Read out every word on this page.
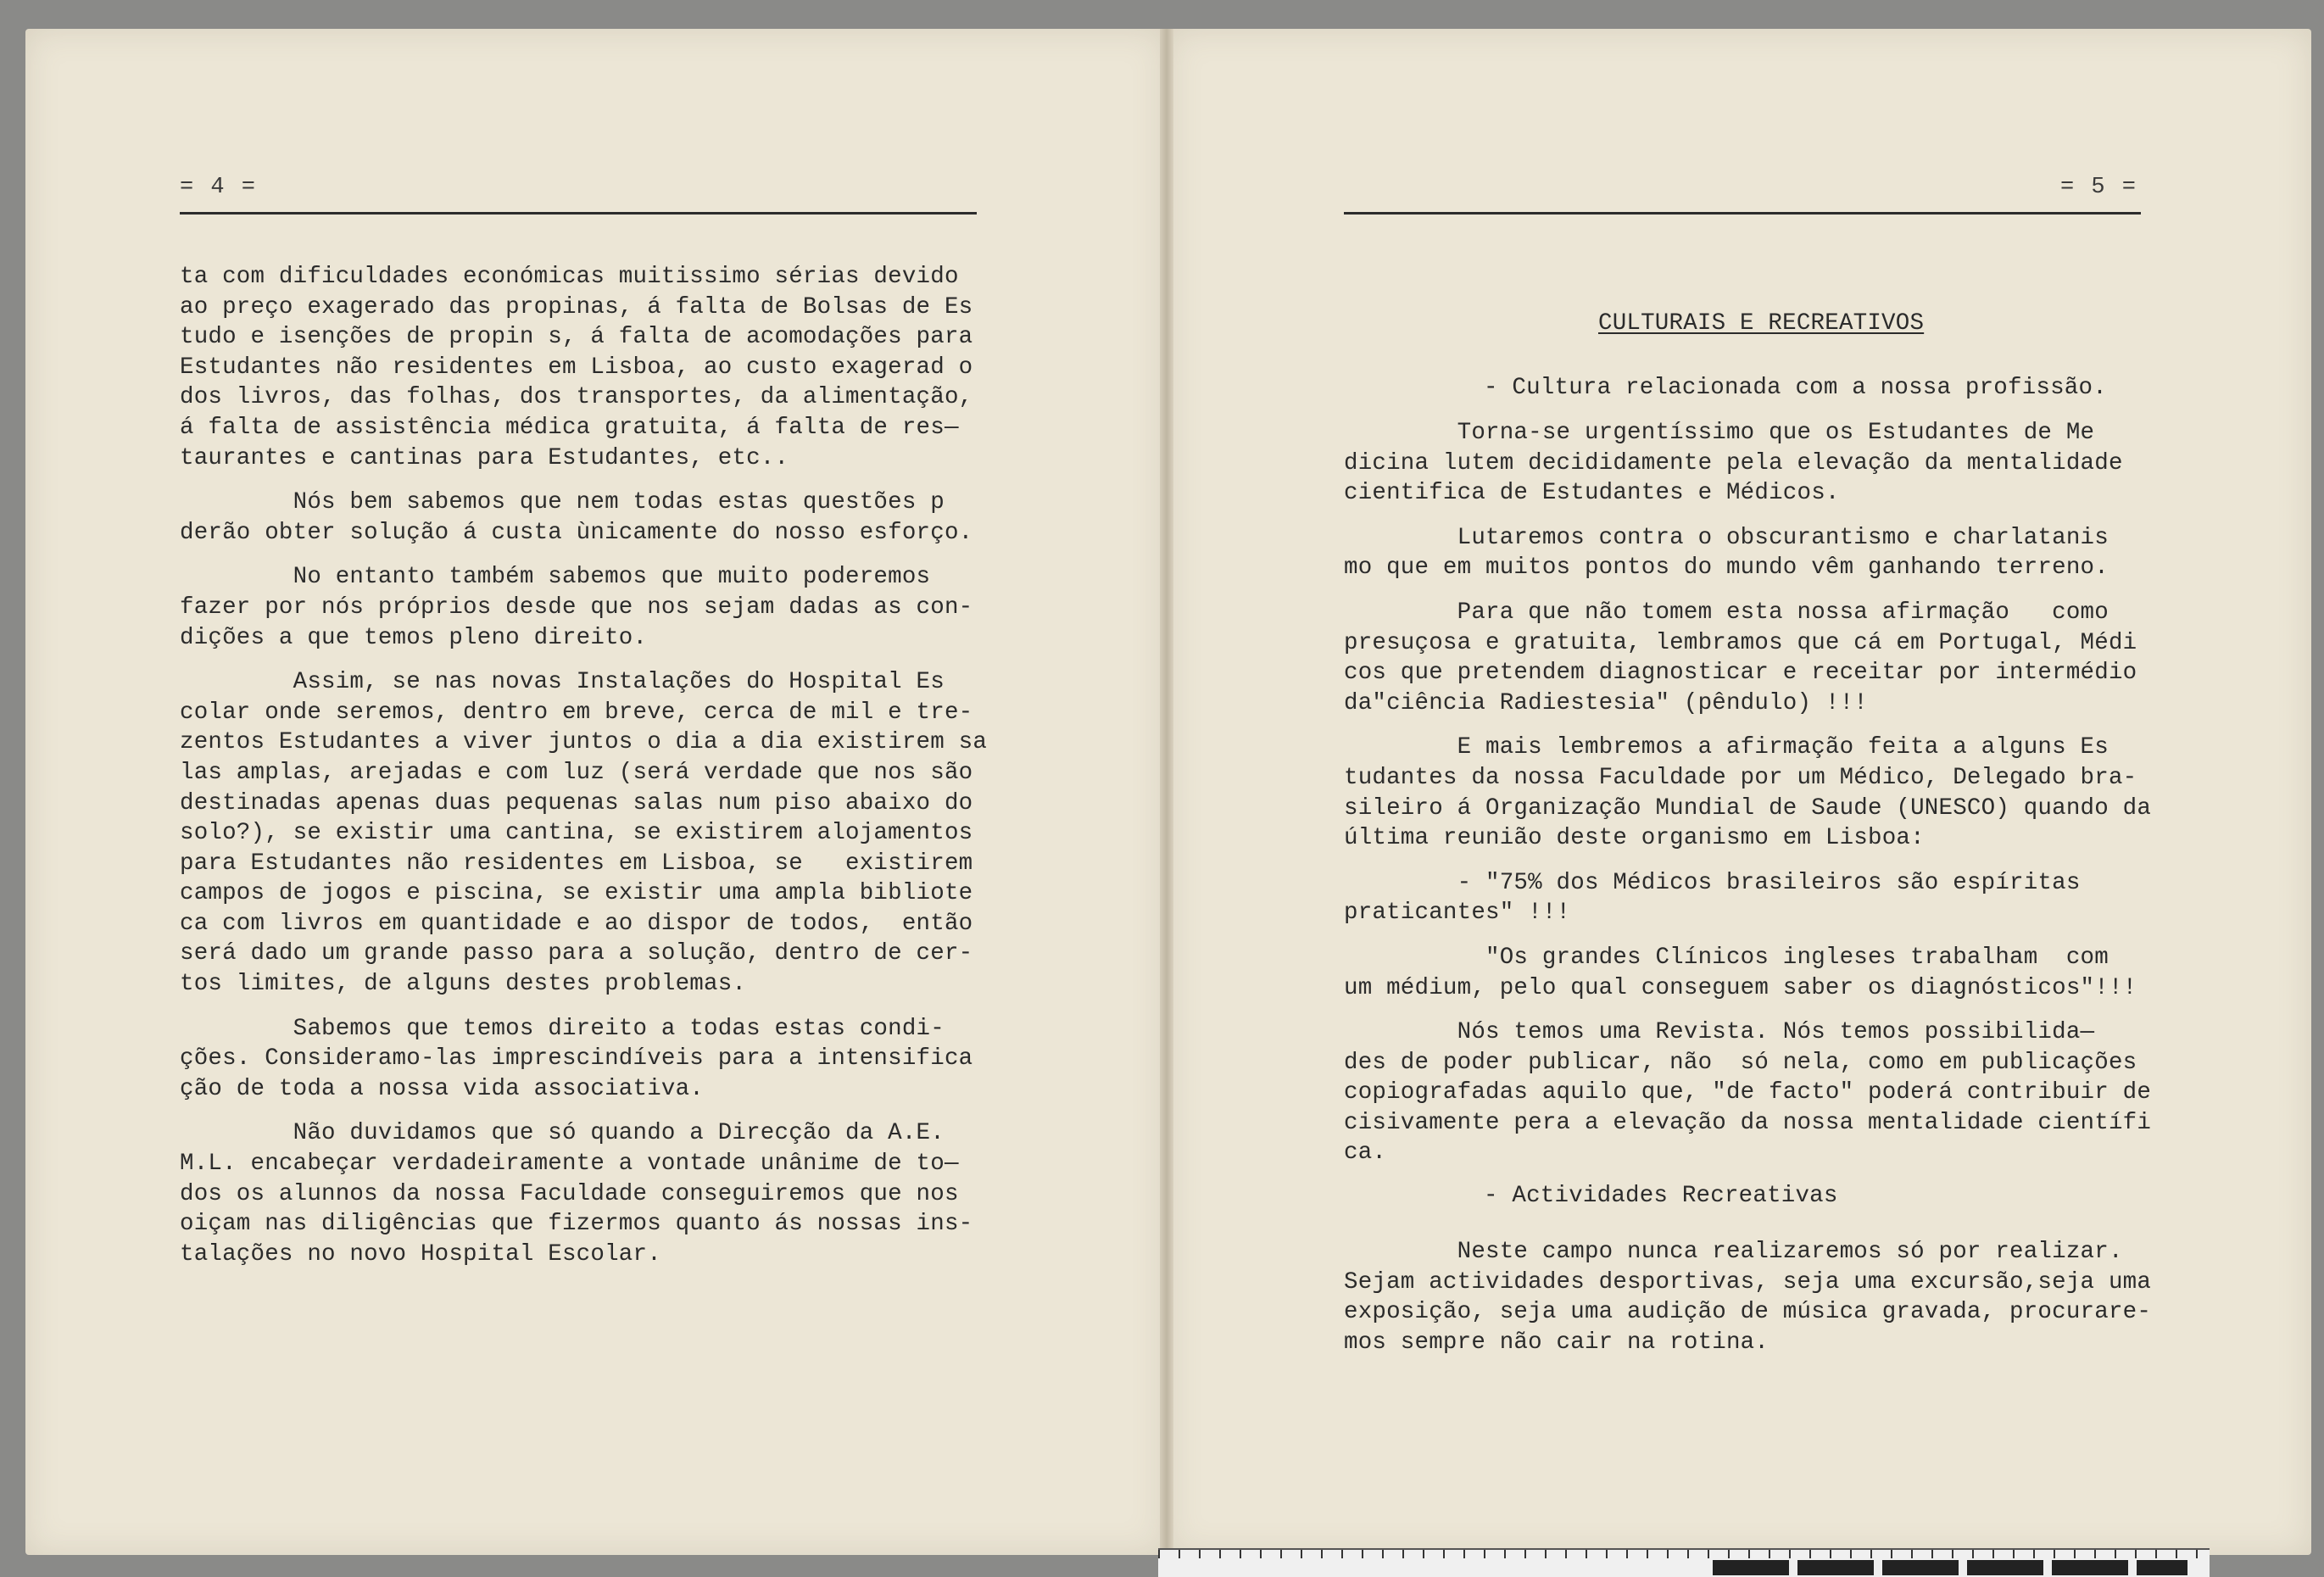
= 4 =
ta com dificuldades económicas muitissimo sérias devido
ao preço exagerado das propinas, á falta de Bolsas de Es
tudo e isenções de propin s, á falta de acomodações para
Estudantes não residentes em Lisboa, ao custo exagerad o
dos livros, das folhas, dos transportes, da alimentação,
á falta de assistência médica gratuita, á falta de res—
taurantes e cantinas para Estudantes, etc..
Nós bem sabemos que nem todas estas questões p
derão obter solução á custa ùnicamente do nosso esforço.
No entanto também sabemos que muito poderemos
fazer por nós próprios desde que nos sejam dadas as con-
dições a que temos pleno direito.
Assim, se nas novas Instalações do Hospital Es
colar onde seremos, dentro em breve, cerca de mil e tre-
zentos Estudantes a viver juntos o dia a dia existirem sa
las amplas, arejadas e com luz (será verdade que nos são
destinadas apenas duas pequenas salas num piso abaixo do
solo?), se existir uma cantina, se existirem alojamentos
para Estudantes não residentes em Lisboa, se   existirem
campos de jogos e piscina, se existir uma ampla bibliote
ca com livros em quantidade e ao dispor de todos,  então
será dado um grande passo para a solução, dentro de cer-
tos limites, de alguns destes problemas.
Sabemos que temos direito a todas estas condi-
ções. Consideramo-las imprescindíveis para a intensifica
ção de toda a nossa vida associativa.
Não duvidamos que só quando a Direcção da A.E.
M.L. encabeçar verdadeiramente a vontade unânime de to—
dos os alunnos da nossa Faculdade conseguiremos que nos
oiçam nas diligências que fizermos quanto ás nossas ins-
talações no novo Hospital Escolar.
= 5 =
CULTURAIS E RECREATIVOS
- Cultura relacionada com a nossa profissão.
Torna-se urgentíssimo que os Estudantes de Me
dicina lutem decididamente pela elevação da mentalidade
cientifica de Estudantes e Médicos.
Lutaremos contra o obscurantismo e charlatanis
mo que em muitos pontos do mundo vêm ganhando terreno.
Para que não tomem esta nossa afirmação   como
presuçosa e gratuita, lembramos que cá em Portugal, Médi
cos que pretendem diagnosticar e receitar por intermédio
da"ciência Radiestesia" (pêndulo) !!!
E mais lembremos a afirmação feita a alguns Es
tudantes da nossa Faculdade por um Médico, Delegado bra-
sileiro á Organização Mundial de Saude (UNESCO) quando da
última reunião deste organismo em Lisboa:
- "75% dos Médicos brasileiros são espíritas
praticantes" !!!
"Os grandes Clínicos ingleses trabalham  com
um médium, pelo qual conseguem saber os diagnósticos"!!!
Nós temos uma Revista. Nós temos possibilida—
des de poder publicar, não  só nela, como em publicações
copiografadas aquilo que, "de facto" poderá contribuir de
cisivamente pera a elevação da nossa mentalidade científi
ca.
- Actividades Recreativas
Neste campo nunca realizaremos só por realizar.
Sejam actividades desportivas, seja uma excursão,seja uma
exposição, seja uma audição de música gravada, procurare-
mos sempre não cair na rotina.
